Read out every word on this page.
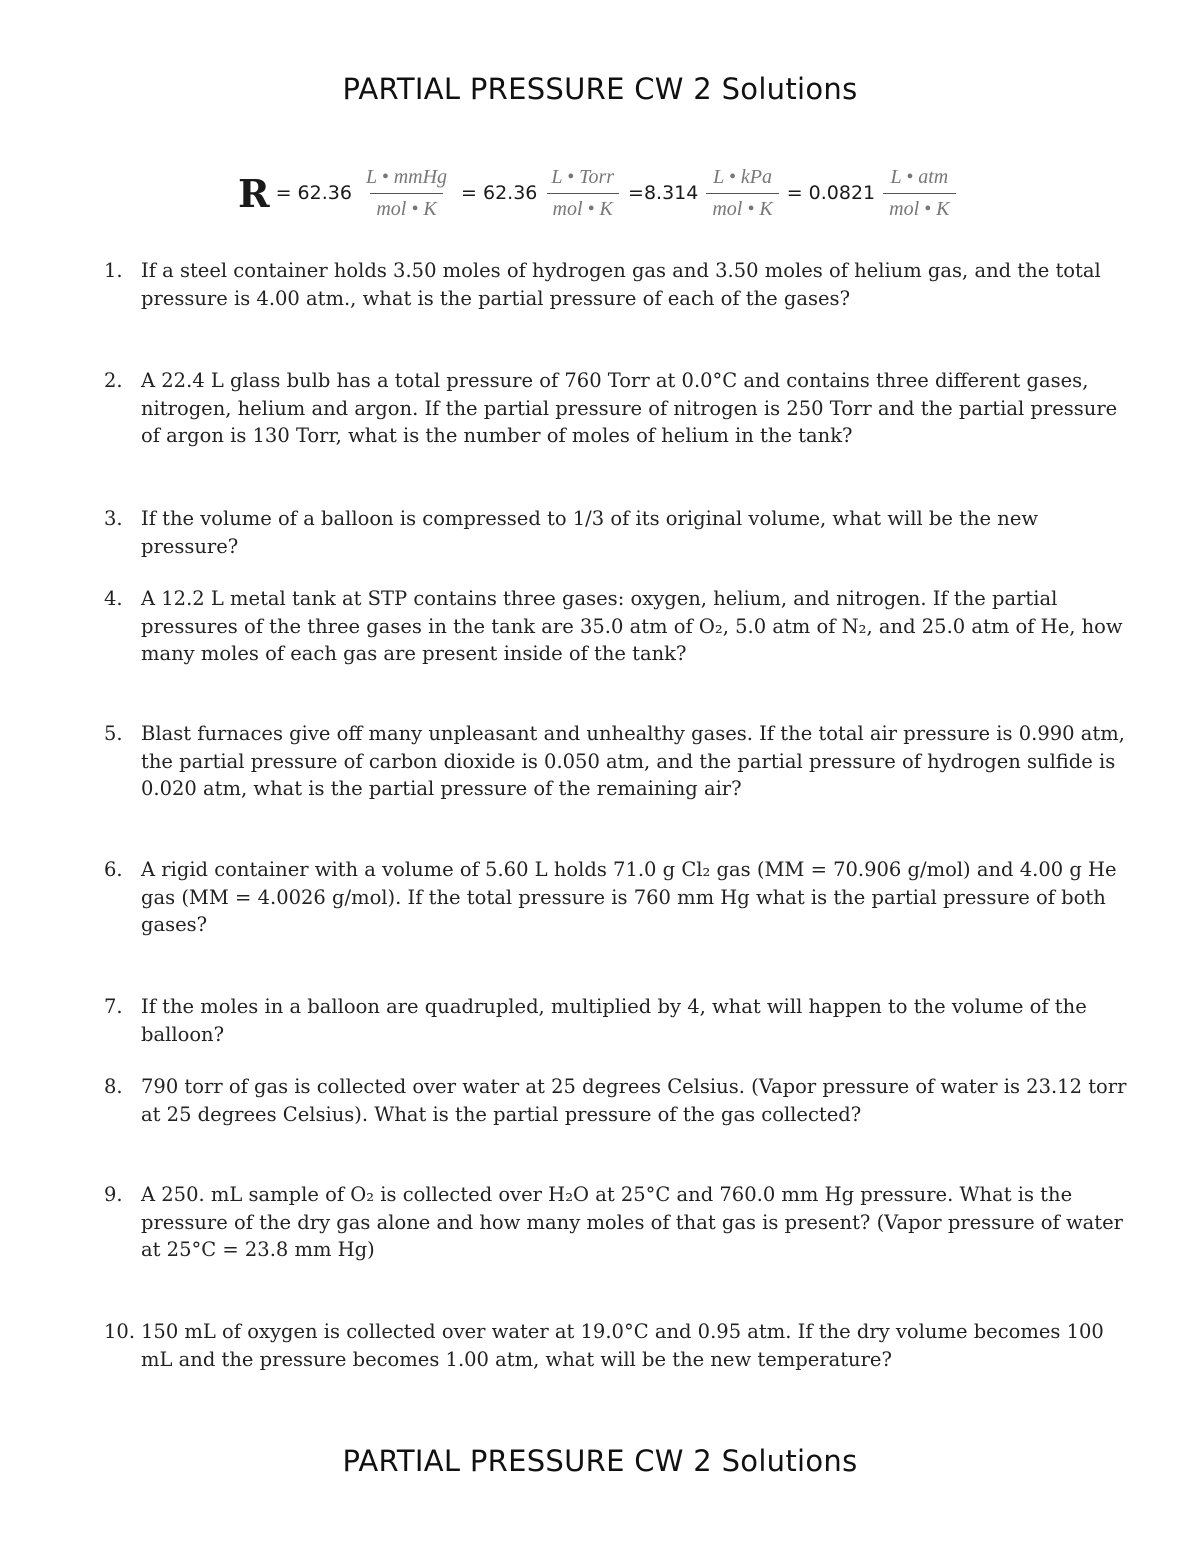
PARTIAL PRESSURE CW 2 Solutions
$R = 62.36 \frac{\text{L • mmHg}}{\text{mol • K}} = 62.36 \frac{\text{L • Torr}}{\text{mol • K}} =8.314 \frac{\text{L • kPa}}{\text{mol • K}} = 0.0821 \frac{\text{L • atm}}{\text{mol • K}}$
1. If a steel container holds 3.50 moles of hydrogen gas and 3.50 moles of helium gas, and the total pressure is 4.00 atm., what is the partial pressure of each of the gases?
2. A 22.4 L glass bulb has a total pressure of 760 Torr at 0.0°C and contains three different gases, nitrogen, helium and argon. If the partial pressure of nitrogen is 250 Torr and the partial pressure of argon is 130 Torr, what is the number of moles of helium in the tank?
3. If the volume of a balloon is compressed to 1/3 of its original volume, what will be the new pressure?
4. A 12.2 L metal tank at STP contains three gases: oxygen, helium, and nitrogen. If the partial pressures of the three gases in the tank are 35.0 atm of O₂, 5.0 atm of N₂, and 25.0 atm of He, how many moles of each gas are present inside of the tank?
5. Blast furnaces give off many unpleasant and unhealthy gases. If the total air pressure is 0.990 atm, the partial pressure of carbon dioxide is 0.050 atm, and the partial pressure of hydrogen sulfide is 0.020 atm, what is the partial pressure of the remaining air?
6. A rigid container with a volume of 5.60 L holds 71.0 g Cl₂ gas (MM = 70.906 g/mol) and 4.00 g He gas (MM = 4.0026 g/mol). If the total pressure is 760 mm Hg what is the partial pressure of both gases?
7. If the moles in a balloon are quadrupled, multiplied by 4, what will happen to the volume of the balloon?
8. 790 torr of gas is collected over water at 25 degrees Celsius. (Vapor pressure of water is 23.12 torr at 25 degrees Celsius). What is the partial pressure of the gas collected?
9. A 250. mL sample of O₂ is collected over H₂O at 25°C and 760.0 mm Hg pressure. What is the pressure of the dry gas alone and how many moles of that gas is present? (Vapor pressure of water at 25°C = 23.8 mm Hg)
10. 150 mL of oxygen is collected over water at 19.0°C and 0.95 atm. If the dry volume becomes 100 mL and the pressure becomes 1.00 atm, what will be the new temperature?
PARTIAL PRESSURE CW 2 Solutions
